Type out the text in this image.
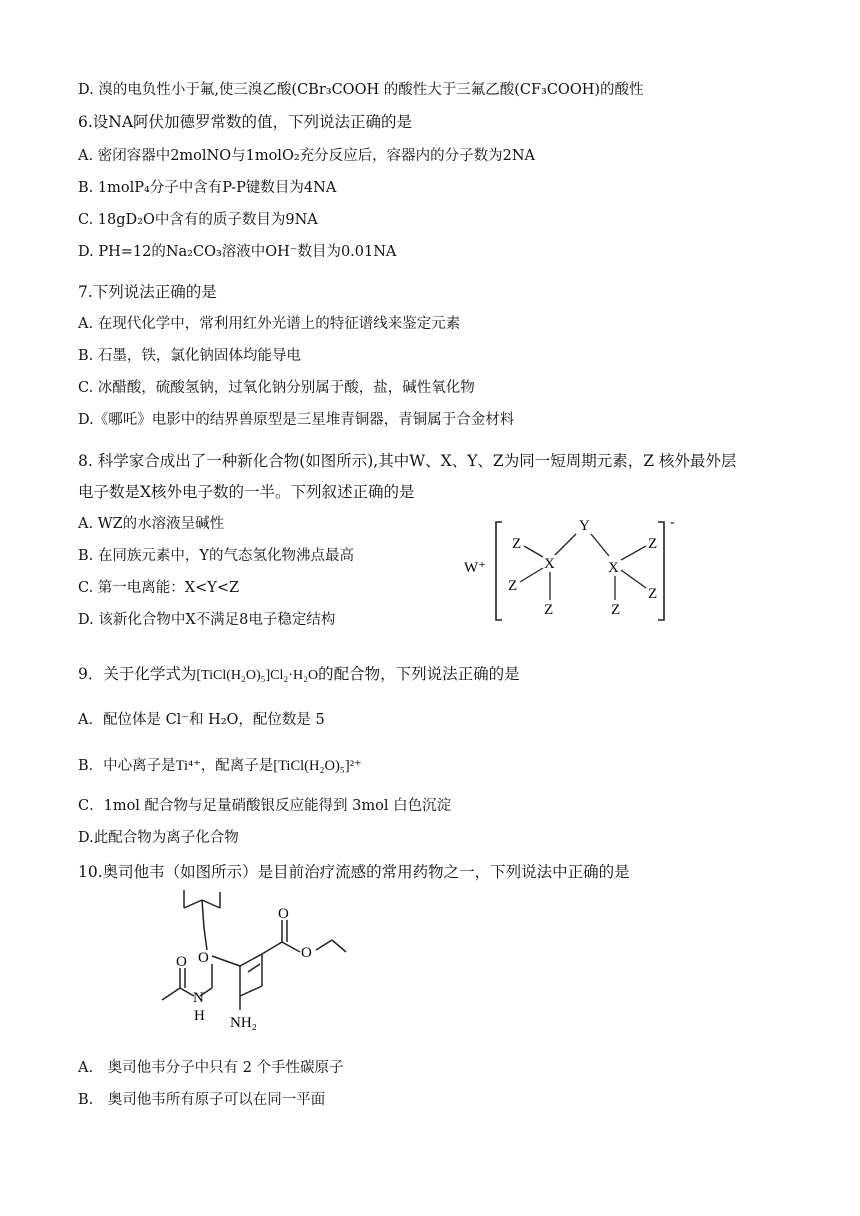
D. 溴的电负性小于氟,使三溴乙酸(CBr₃COOH 的酸性大于三氟乙酸(CF₃COOH)的酸性
6.设NA阿伏加德罗常数的值，下列说法正确的是
A. 密闭容器中2molNO与1molO₂充分反应后，容器内的分子数为2NA
B. 1molP₄分子中含有P-P键数目为4NA
C. 18gD₂O中含有的质子数目为9NA
D. PH=12的Na₂CO₃溶液中OH⁻数目为0.01NA
7.下列说法正确的是
A. 在现代化学中，常利用红外光谱上的特征谱线来鉴定元素
B. 石墨，铁，氯化钠固体均能导电
C. 冰醋酸，硫酸氢钠，过氧化钠分别属于酸，盐，碱性氧化物
D.《哪吒》电影中的结界兽原型是三星堆青铜器，青铜属于合金材料
8. 科学家合成出了一种新化合物(如图所示),其中W、X、Y、Z为同一短周期元素，Z 核外最外层
电子数是X核外电子数的一半。下列叙述正确的是
A. WZ的水溶液呈碱性
B. 在同族元素中，Y的气态氢化物沸点最高
C. 第一电离能：X<Y<Z
D. 该新化合物中X不满足8电子稳定结构
W⁺
-
Y
X	X
Z
Z
Z
Z
Z
Z
9．关于化学式为[TiCl(H₂O)₅]Cl₂·H₂O的配合物，下列说法正确的是
A．配位体是 Cl⁻和 H₂O，配位数是 5
B．中心离子是Ti⁴⁺，配离子是[TiCl(H₂O)₅]²⁺
C．1mol 配合物与足量硝酸银反应能得到 3mol 白色沉淀
D.此配合物为离子化合物
10.奥司他韦（如图所示）是目前治疗流感的常用药物之一，下列说法中正确的是
O
O
O
O
N
H NH₂
A.　奥司他韦分子中只有 2 个手性碳原子
B.　奥司他韦所有原子可以在同一平面
